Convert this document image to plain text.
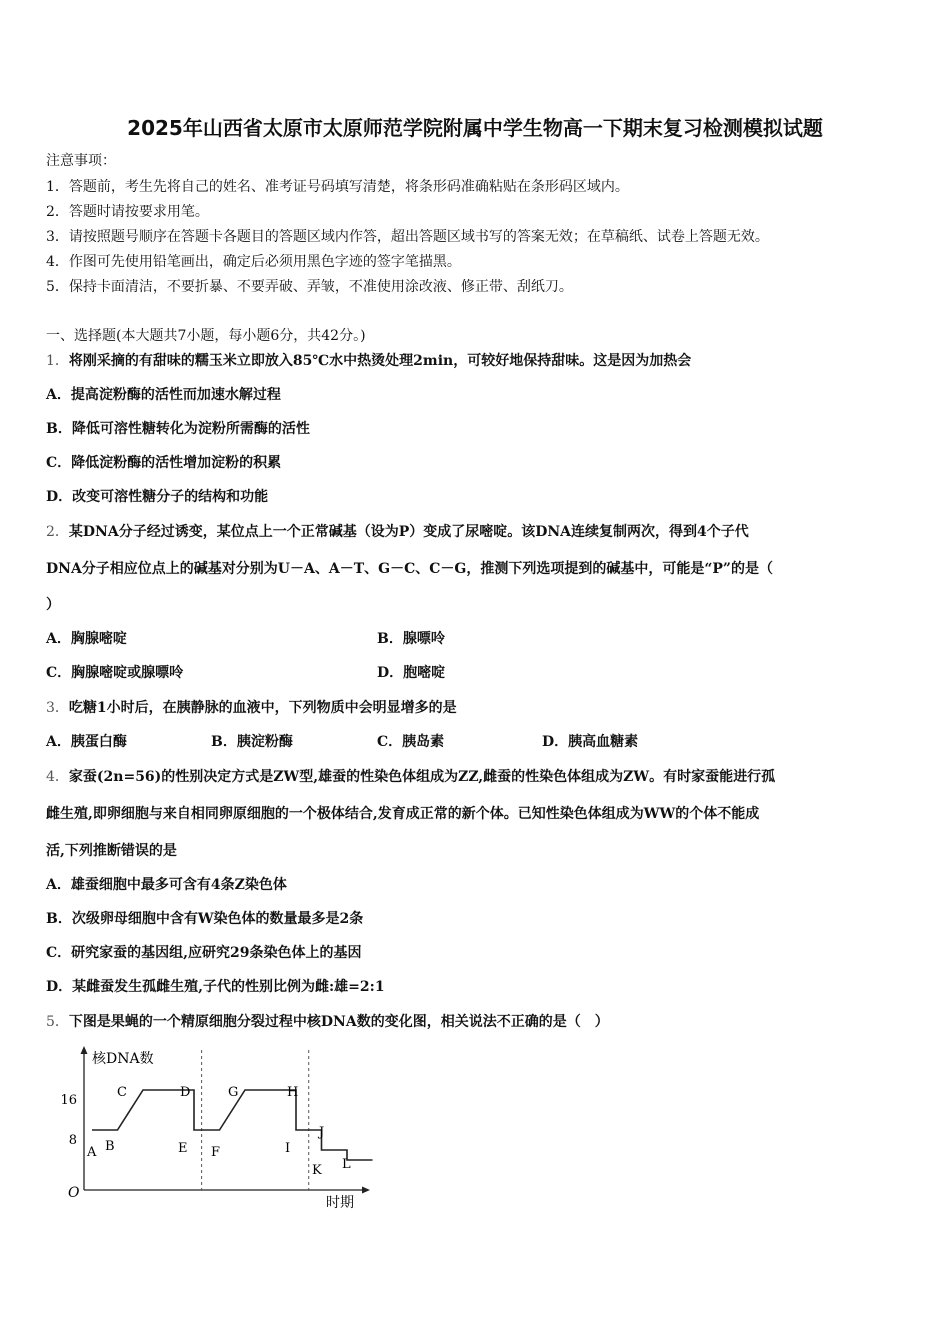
2025年山西省太原市太原师范学院附属中学生物高一下期末复习检测模拟试题
注意事项：
1．答题前，考生先将自己的姓名、准考证号码填写清楚，将条形码准确粘贴在条形码区域内。
2．答题时请按要求用笔。
3．请按照题号顺序在答题卡各题目的答题区域内作答，超出答题区域书写的答案无效；在草稿纸、试卷上答题无效。
4．作图可先使用铅笔画出，确定后必须用黑色字迹的签字笔描黑。
5．保持卡面清洁，不要折暴、不要弄破、弄皱，不准使用涂改液、修正带、刮纸刀。
一、选择题(本大题共7小题，每小题6分，共42分。)
1．将刚采摘的有甜味的糯玉米立即放入85℃水中热烫处理2min，可较好地保持甜味。这是因为加热会
A．提高淀粉酶的活性而加速水解过程
B．降低可溶性糖转化为淀粉所需酶的活性
C．降低淀粉酶的活性增加淀粉的积累
D．改变可溶性糖分子的结构和功能
2．某DNA分子经过诱变，某位点上一个正常碱基（设为P）变成了尿嘧啶。该DNA连续复制两次，得到4个子代
DNA分子相应位点上的碱基对分别为U－A、A－T、G－C、C－G，推测下列选项提到的碱基中，可能是“P”的是（
）
A．胸腺嘧啶	B．腺嘌呤
C．胸腺嘧啶或腺嘌呤	D．胞嘧啶
3．吃糖1小时后，在胰静脉的血液中，下列物质中会明显增多的是
A．胰蛋白酶	B．胰淀粉酶	C．胰岛素	D．胰高血糖素
4．家蚕(2n=56)的性别决定方式是ZW型,雄蚕的性染色体组成为ZZ,雌蚕的性染色体组成为ZW。有时家蚕能进行孤
雌生殖,即卵细胞与来自相同卵原细胞的一个极体结合,发育成正常的新个体。已知性染色体组成为WW的个体不能成
活,下列推断错误的是
A．雄蚕细胞中最多可含有4条Z染色体
B．次级卵母细胞中含有W染色体的数量最多是2条
C．研究家蚕的基因组,应研究29条染色体上的基因
D．某雌蚕发生孤雌生殖,子代的性别比例为雌:雄=2:1
5．下图是果蝇的一个精原细胞分裂过程中核DNA数的变化图，相关说法不正确的是（　）
核DNA数
时期
O
8
16
A B
C	D
E F
G	H
I
J
K L
